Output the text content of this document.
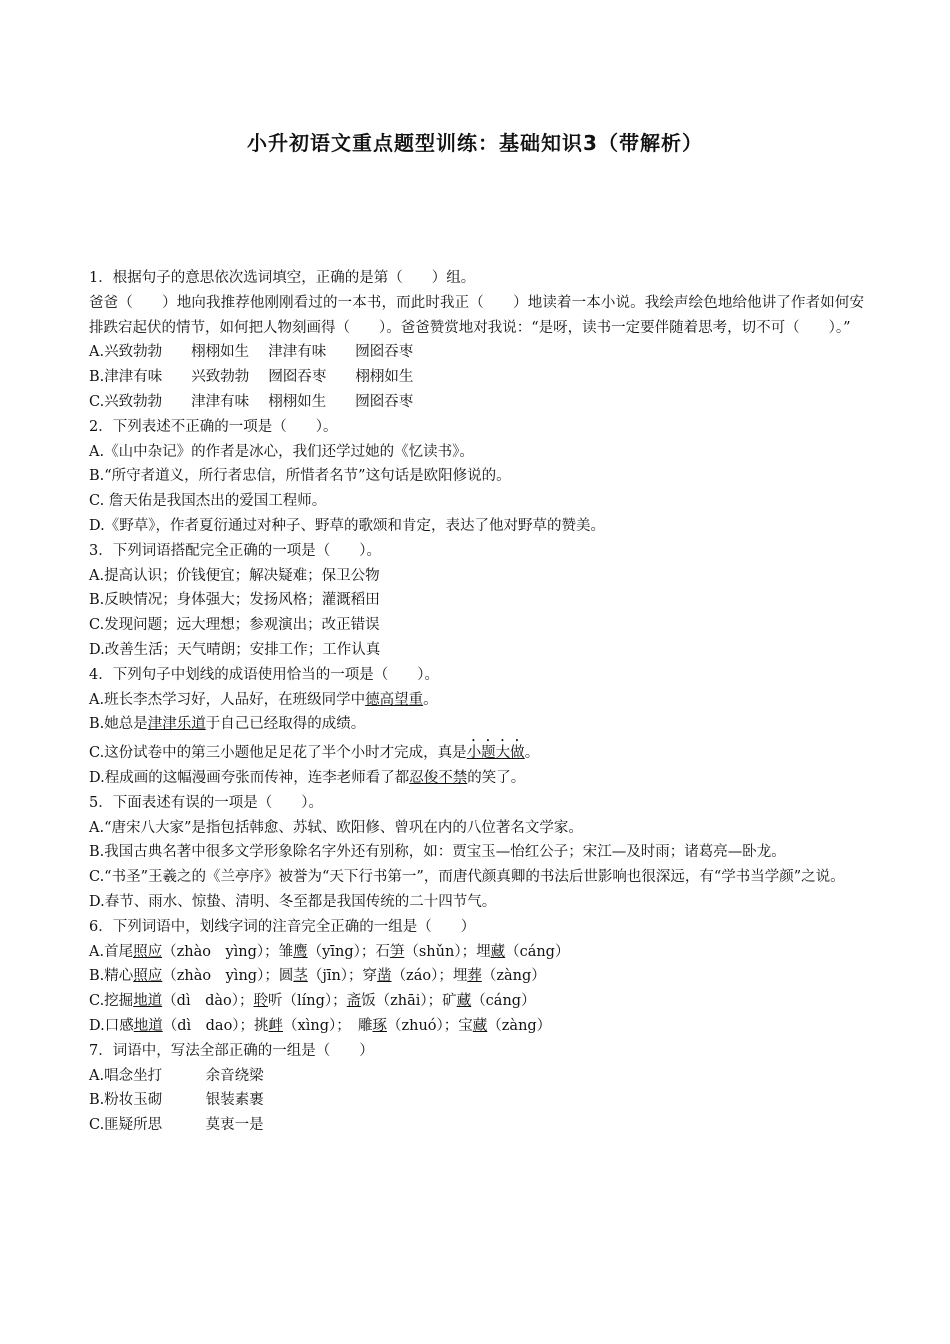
小升初语文重点题型训练：基础知识3（带解析）

1．根据句子的意思依次选词填空，正确的是第（　　）组。

爸爸（　　）地向我推荐他刚刚看过的一本书，而此时我正（　　）地读着一本小说。我绘声绘色地给他讲了作者如何安排跌宕起伏的情节，如何把人物刻画得（　　）。爸爸赞赏地对我说：“是呀，读书一定要伴随着思考，切不可（　　）。”

A.兴致勃勃　　栩栩如生　 津津有味　　囫囵吞枣

B.津津有味　　兴致勃勃　 囫囵吞枣　　栩栩如生

C.兴致勃勃　　津津有味　 栩栩如生　　囫囵吞枣

2．下列表述不正确的一项是（　　）。

A.《山中杂记》的作者是冰心，我们还学过她的《忆读书》。

B.“所守者道义，所行者忠信，所惜者名节”这句话是欧阳修说的。

C. 詹天佑是我国杰出的爱国工程师。

D.《野草》，作者夏衍通过对种子、野草的歌颂和肯定，表达了他对野草的赞美。

3．下列词语搭配完全正确的一项是（　　）。

A.提高认识；价钱便宜；解决疑难；保卫公物

B.反映情况；身体强大；发扬风格；灌溉稻田

C.发现问题；远大理想；参观演出；改正错误

D.改善生活；天气晴朗；安排工作；工作认真

4．下列句子中划线的成语使用恰当的一项是（　　）。

A.班长李杰学习好，人品好，在班级同学中德高望重。

B.她总是津津乐道于自己已经取得的成绩。

C.这份试卷中的第三小题他足足花了半个小时才完成，真是小题大做。

D.程成画的这幅漫画夸张而传神，连李老师看了都忍俊不禁的笑了。

5．下面表述有误的一项是（　　）。

A.“唐宋八大家”是指包括韩愈、苏轼、欧阳修、曾巩在内的八位著名文学家。

B.我国古典名著中很多文学形象除名字外还有别称，如：贾宝玉—怡红公子；宋江—及时雨；诸葛亮—卧龙。

C.“书圣”王羲之的《兰亭序》被誉为“天下行书第一”，而唐代颜真卿的书法后世影响也很深远，有“学书当学颜”之说。

D.春节、雨水、惊蛰、清明、冬至都是我国传统的二十四节气。

6．下列词语中，划线字词的注音完全正确的一组是（　　）

A.首尾照应（zhào　yìng）；雏鹰（yīng）；石笋（shǔn）；埋藏（cáng）

B.精心照应（zhào　yìng）；圆茎（jīn）；穿凿（záo）；埋葬（zàng）

C.挖掘地道（dì　dào）；聆听（líng）；斋饭（zhāi）；矿藏（cáng）

D.口感地道（dì　dao）；挑衅（xìng）；　雕琢（zhuó）；宝藏（zàng）

7．词语中，写法全部正确的一组是（　　）

A.唱念坐打　　　余音绕梁

B.粉妆玉砌　　　银装素裹

C.匪疑所思　　　莫衷一是
